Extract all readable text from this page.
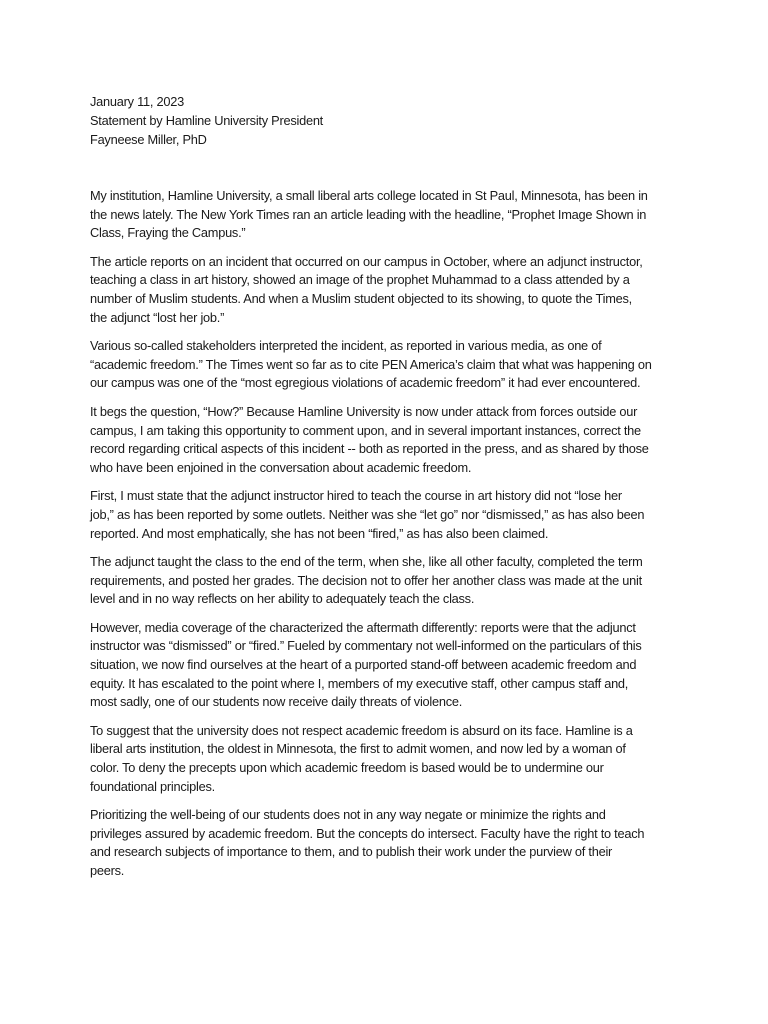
January 11, 2023
Statement by Hamline University President
Fayneese Miller, PhD
My institution, Hamline University, a small liberal arts college located in St Paul, Minnesota, has been in
the news lately. The New York Times ran an article leading with the headline, “Prophet Image Shown in
Class, Fraying the Campus.”
The article reports on an incident that occurred on our campus in October, where an adjunct instructor,
teaching a class in art history, showed an image of the prophet Muhammad to a class attended by a
number of Muslim students. And when a Muslim student objected to its showing, to quote the Times,
the adjunct “lost her job.”
Various so-called stakeholders interpreted the incident, as reported in various media, as one of
“academic freedom.” The Times went so far as to cite PEN America’s claim that what was happening on
our campus was one of the “most egregious violations of academic freedom” it had ever encountered.
It begs the question, “How?” Because Hamline University is now under attack from forces outside our
campus, I am taking this opportunity to comment upon, and in several important instances, correct the
record regarding critical aspects of this incident -- both as reported in the press, and as shared by those
who have been enjoined in the conversation about academic freedom.
First, I must state that the adjunct instructor hired to teach the course in art history did not “lose her
job,” as has been reported by some outlets. Neither was she “let go” nor “dismissed,” as has also been
reported. And most emphatically, she has not been “fired,” as has also been claimed.
The adjunct taught the class to the end of the term, when she, like all other faculty, completed the term
requirements, and posted her grades. The decision not to offer her another class was made at the unit
level and in no way reflects on her ability to adequately teach the class.
However, media coverage of the characterized the aftermath differently: reports were that the adjunct
instructor was “dismissed” or “fired.” Fueled by commentary not well-informed on the particulars of this
situation, we now find ourselves at the heart of a purported stand-off between academic freedom and
equity. It has escalated to the point where I, members of my executive staff, other campus staff and,
most sadly, one of our students now receive daily threats of violence.
To suggest that the university does not respect academic freedom is absurd on its face. Hamline is a
liberal arts institution, the oldest in Minnesota, the first to admit women, and now led by a woman of
color. To deny the precepts upon which academic freedom is based would be to undermine our
foundational principles.
Prioritizing the well-being of our students does not in any way negate or minimize the rights and
privileges assured by academic freedom. But the concepts do intersect. Faculty have the right to teach
and research subjects of importance to them, and to publish their work under the purview of their
peers.
